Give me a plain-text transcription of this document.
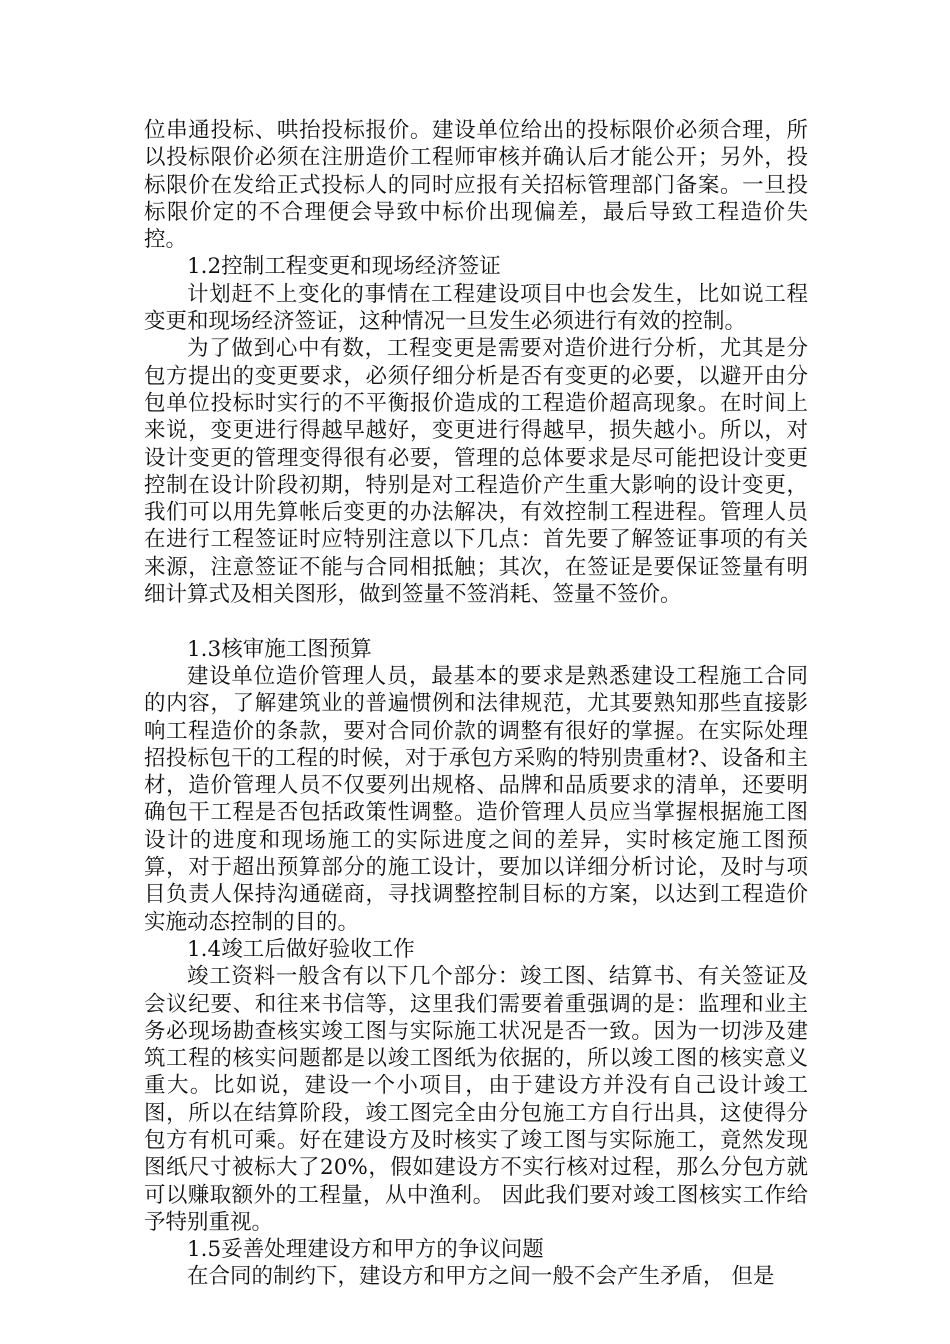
位串通投标、哄抬投标报价。建设单位给出的投标限价必须合理，所以投标限价必须在注册造价工程师审核并确认后才能公开；另外，投标限价在发给正式投标人的同时应报有关招标管理部门备案。一旦投标限价定的不合理便会导致中标价出现偏差，最后导致工程造价失控。

1.2控制工程变更和现场经济签证

计划赶不上变化的事情在工程建设项目中也会发生，比如说工程变更和现场经济签证，这种情况一旦发生必须进行有效的控制。

为了做到心中有数，工程变更是需要对造价进行分析，尤其是分包方提出的变更要求，必须仔细分析是否有变更的必要，以避开由分包单位投标时实行的不平衡报价造成的工程造价超高现象。在时间上来说，变更进行得越早越好，变更进行得越早，损失越小。所以，对设计变更的管理变得很有必要，管理的总体要求是尽可能把设计变更控制在设计阶段初期，特别是对工程造价产生重大影响的设计变更，我们可以用先算帐后变更的办法解决，有效控制工程进程。管理人员在进行工程签证时应特别注意以下几点：首先要了解签证事项的有关来源，注意签证不能与合同相抵触；其次，在签证是要保证签量有明细计算式及相关图形，做到签量不签消耗、签量不签价。

1.3核审施工图预算

建设单位造价管理人员，最基本的要求是熟悉建设工程施工合同的内容，了解建筑业的普遍惯例和法律规范，尤其要熟知那些直接影响工程造价的条款，要对合同价款的调整有很好的掌握。在实际处理招投标包干的工程的时候，对于承包方采购的特别贵重材?、设备和主材，造价管理人员不仅要列出规格、品牌和品质要求的清单，还要明确包干工程是否包括政策性调整。造价管理人员应当掌握根据施工图设计的进度和现场施工的实际进度之间的差异，实时核定施工图预算，对于超出预算部分的施工设计，要加以详细分析讨论，及时与项目负责人保持沟通磋商，寻找调整控制目标的方案，以达到工程造价实施动态控制的目的。

1.4竣工后做好验收工作

竣工资料一般含有以下几个部分：竣工图、结算书、有关签证及会议纪要、和往来书信等，这里我们需要着重强调的是：监理和业主务必现场勘查核实竣工图与实际施工状况是否一致。因为一切涉及建筑工程的核实问题都是以竣工图纸为依据的，所以竣工图的核实意义重大。比如说，建设一个小项目，由于建设方并没有自己设计竣工图，所以在结算阶段，竣工图完全由分包施工方自行出具，这使得分包方有机可乘。好在建设方及时核实了竣工图与实际施工，竟然发现图纸尺寸被标大了20%，假如建设方不实行核对过程，那么分包方就可以赚取额外的工程量，从中渔利。 因此我们要对竣工图核实工作给予特别重视。

1.5妥善处理建设方和甲方的争议问题

在合同的制约下，建设方和甲方之间一般不会产生矛盾， 但是
